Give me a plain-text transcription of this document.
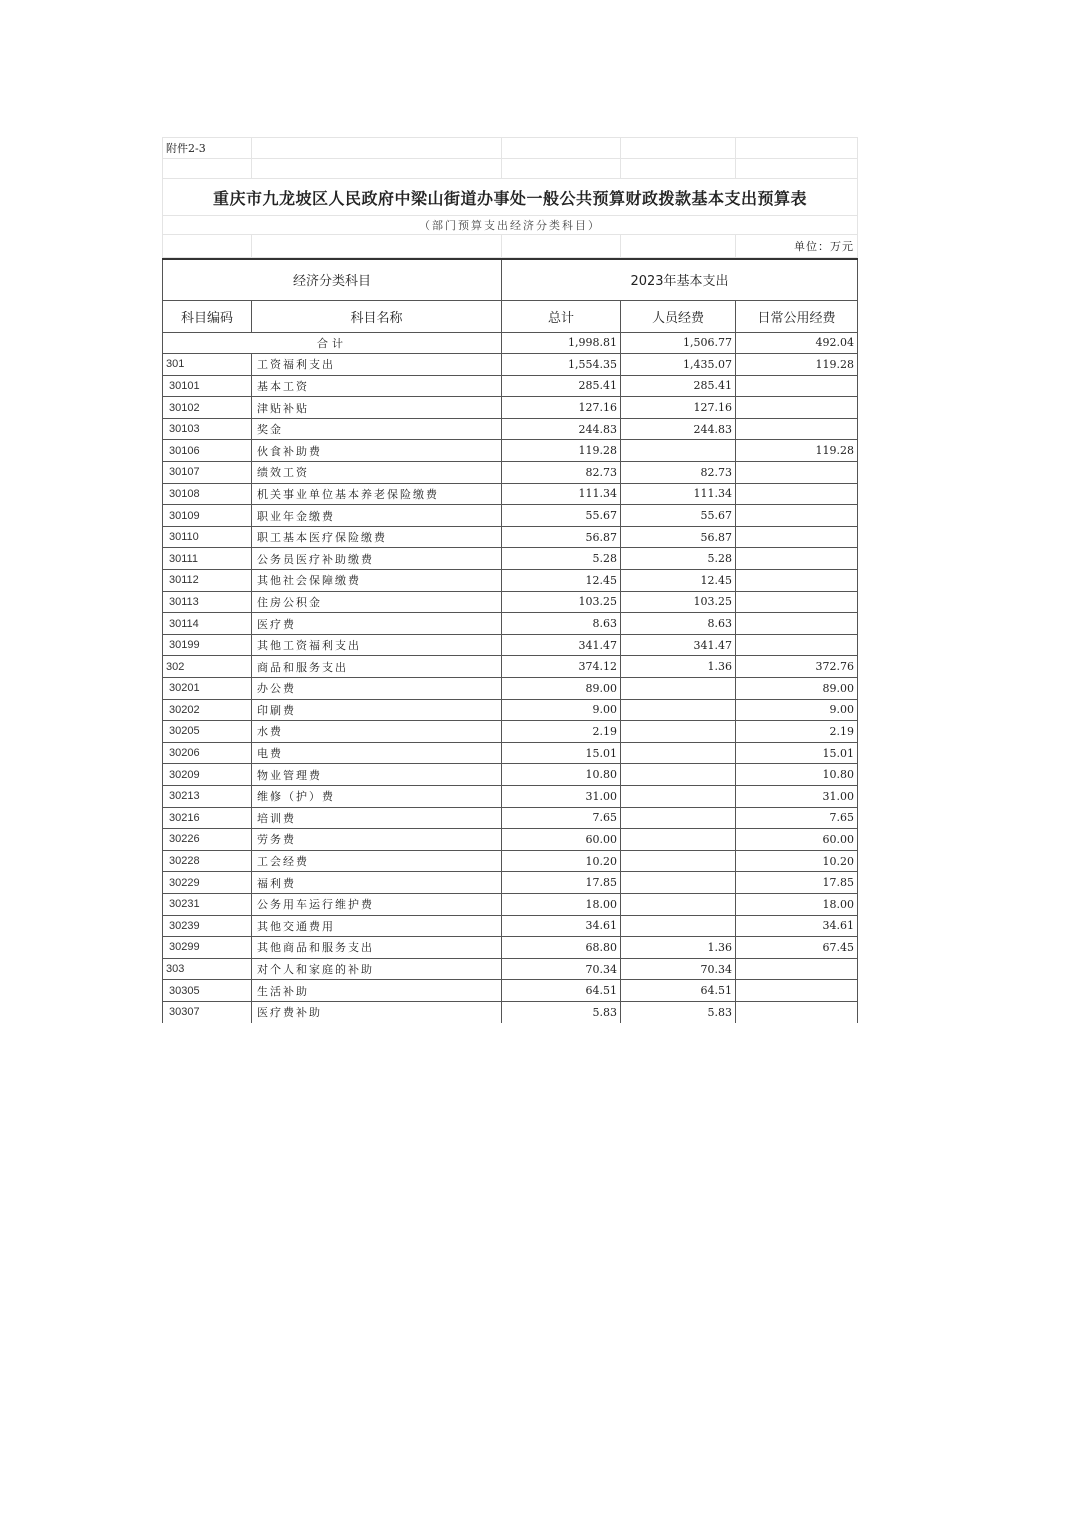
附件2-3				

重庆市九龙坡区人民政府中梁山街道办事处一般公共预算财政拨款基本支出预算表				
（部门预算支出经济分类科目）				
				单位：万元
经济分类科目		2023年基本支出		
科目编码	科目名称	总计	人员经费	日常公用经费
合计		1,998.81	1,506.77	492.04
301	工资福利支出	1,554.35	1,435.07	119.28
30101	基本工资	285.41	285.41	
30102	津贴补贴	127.16	127.16	
30103	奖金	244.83	244.83	
30106	伙食补助费	119.28		119.28
30107	绩效工资	82.73	82.73	
30108	机关事业单位基本养老保险缴费	111.34	111.34	
30109	职业年金缴费	55.67	55.67	
30110	职工基本医疗保险缴费	56.87	56.87	
30111	公务员医疗补助缴费	5.28	5.28	
30112	其他社会保障缴费	12.45	12.45	
30113	住房公积金	103.25	103.25	
30114	医疗费	8.63	8.63	
30199	其他工资福利支出	341.47	341.47	
302	商品和服务支出	374.12	1.36	372.76
30201	办公费	89.00		89.00
30202	印刷费	9.00		9.00
30205	水费	2.19		2.19
30206	电费	15.01		15.01
30209	物业管理费	10.80		10.80
30213	维修（护）费	31.00		31.00
30216	培训费	7.65		7.65
30226	劳务费	60.00		60.00
30228	工会经费	10.20		10.20
30229	福利费	17.85		17.85
30231	公务用车运行维护费	18.00		18.00
30239	其他交通费用	34.61		34.61
30299	其他商品和服务支出	68.80	1.36	67.45
303	对个人和家庭的补助	70.34	70.34	
30305	生活补助	64.51	64.51	
30307	医疗费补助	5.83	5.83	
